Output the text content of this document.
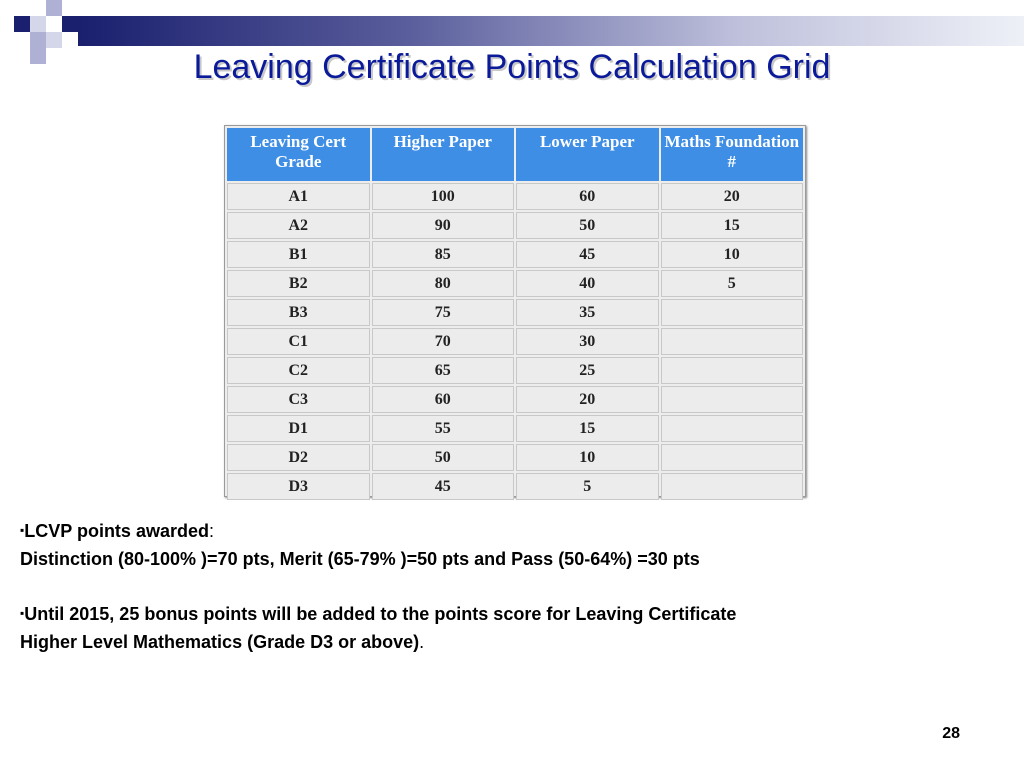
Leaving Certificate Points Calculation Grid
Leaving Cert Grade	Higher Paper	Lower Paper	Maths Foundation #
A1	100	60	20
A2	90	50	15
B1	85	45	10
B2	80	40	5
B3	75	35	
C1	70	30	
C2	65	25	
C3	60	20	
D1	55	15	
D2	50	10	
D3	45	5	

▪LCVP points awarded:

Distinction (80-100% )=70 pts, Merit (65-79% )=50 pts and Pass (50-64%) =30 pts

▪Until 2015, 25 bonus points will be added to the points score for Leaving Certificate

Higher Level Mathematics (Grade D3 or above).

28
